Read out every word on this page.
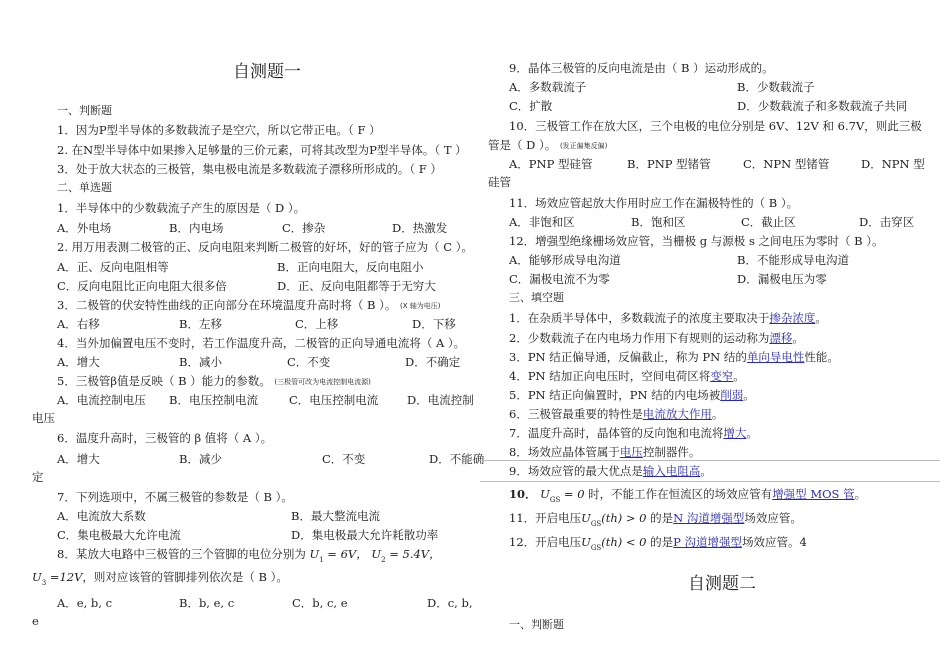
自测题一
一、判断题
1．因为P型半导体的多数载流子是空穴，所以它带正电。（ F ）
2. 在N型半导体中如果掺入足够量的三价元素，可将其改型为P型半导体。（ T ）
3．处于放大状态的三极管，集电极电流是多数载流子漂移所形成的。（ F ）
二、单选题
1．半导体中的少数载流子产生的原因是（ D ）。
A．外电场	B．内电场	C．掺杂	D．热激发
2. 用万用表测二极管的正、反向电阻来判断二极管的好坏，好的管子应为（ C ）。
A．正、反向电阻相等	B．正向电阻大，反向电阻小
C．反向电阻比正向电阻大很多倍	D．正、反向电阻都等于无穷大
3．二极管的伏安特性曲线的正向部分在环境温度升高时将（ B ）。 (X 轴为电压)
A．右移	B．左移	C．上移	D．下移
4．当外加偏置电压不变时，若工作温度升高，二极管的正向导通电流将（ A ）。
A．增大	B．减小	C．不变	D．不确定
5．三极管β值是反映（ B ）能力的参数。 (三极管可改为电流控制电流源)
A．电流控制电压 B．电压控制电流	C．电压控制电流 D．电流控制
电压
6．温度升高时，三极管的 β 值将（ A ）。
A．增大	B．减少	C．不变	D．不能确
定
7．下列选项中，不属三极管的参数是（ B ）。
A．电流放大系数	B．最大整流电流
C．集电极最大允许电流	D．集电极最大允许耗散功率
8．某放大电路中三极管的三个管脚的电位分别为 $U_1 = 6V$， $U_2 = 5.4V$，
$U_3 =12V$，则对应该管的管脚排列依次是（ B ）。
A．e, b, c	B．b, e, c	C．b, c, e	D．c, b,
e
9．晶体三极管的反向电流是由（ B ）运动形成的。
A．多数载流子	B．少数载流子
C．扩散	D．少数载流子和多数载流子共同
10．三极管工作在放大区，三个电极的电位分别是 6V、12V 和 6.7V，则此三极
管是（ D ）。 (发正偏集反偏)
A．PNP 型硅管	B．PNP 型锗管	C．NPN 型锗管	D．NPN 型
硅管
11．场效应管起放大作用时应工作在漏极特性的（ B ）。
A．非饱和区	B．饱和区	C．截止区	D．击穿区
12．增强型绝缘栅场效应管，当栅极 g 与源极 s 之间电压为零时（ B ）。
A．能够形成导电沟道	B．不能形成导电沟道
C．漏极电流不为零	D．漏极电压为零
三、填空题
1．在杂质半导体中，多数载流子的浓度主要取决于掺杂浓度。
2．少数载流子在内电场力作用下有规则的运动称为漂移。
3．PN 结正偏导通，反偏截止，称为 PN 结的单向导电性性能。
4．PN 结加正向电压时，空间电荷区将变窄。
5．PN 结正向偏置时，PN 结的内电场被削弱。
6．三极管最重要的特性是电流放大作用。
7．温度升高时，晶体管的反向饱和电流将增大。
8．场效应晶体管属于电压控制器件。
9．场效应管的最大优点是输入电阻高。
10． $U_{GS} = 0$ 时，不能工作在恒流区的场效应管有增强型 MOS 管。
11．开启电压$U_{GS}(th) > 0$ 的是N 沟道增强型场效应管。
12．开启电压$U_{GS}(th) < 0$ 的是P 沟道增强型场效应管。4
自测题二
一、判断题
